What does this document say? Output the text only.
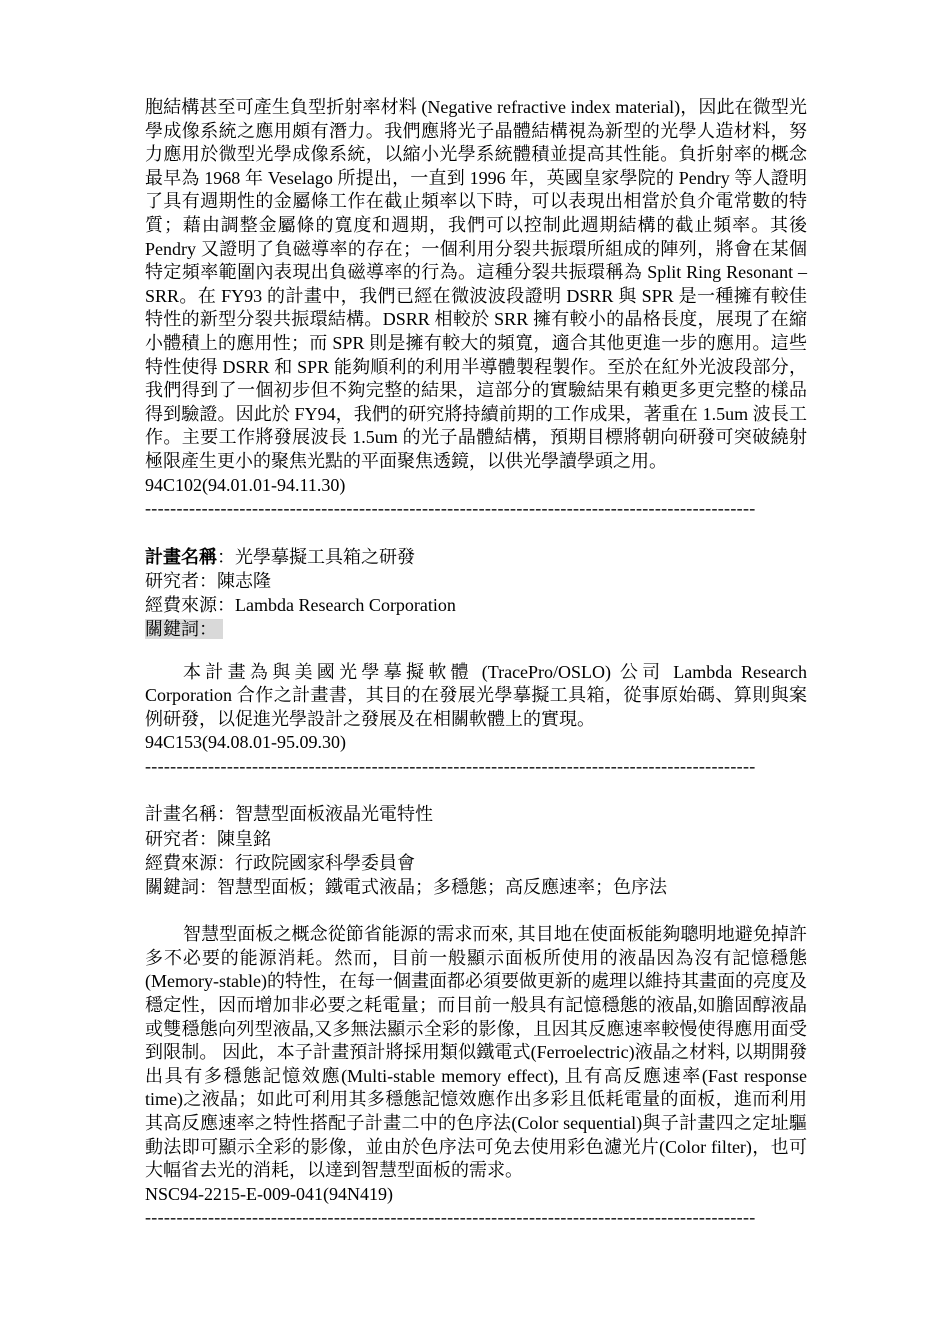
胞結構甚至可產生負型折射率材料 (Negative refractive index material)，因此在微型光學成像系統之應用頗有潛力。我們應將光子晶體結構視為新型的光學人造材料，努力應用於微型光學成像系統，以縮小光學系統體積並提高其性能。負折射率的概念最早為 1968 年 Veselago 所提出，一直到 1996 年，英國皇家學院的 Pendry 等人證明了具有週期性的金屬條工作在截止頻率以下時，可以表現出相當於負介電常數的特質；藉由調整金屬條的寬度和週期，我們可以控制此週期結構的截止頻率。其後 Pendry 又證明了負磁導率的存在；一個利用分裂共振環所組成的陣列，將會在某個特定頻率範圍內表現出負磁導率的行為。這種分裂共振環稱為 Split Ring Resonant – SRR。在 FY93 的計畫中，我們已經在微波波段證明 DSRR 與 SPR 是一種擁有較佳特性的新型分裂共振環結構。DSRR 相較於 SRR 擁有較小的晶格長度，展現了在縮小體積上的應用性；而 SPR 則是擁有較大的頻寬，適合其他更進一步的應用。這些特性使得 DSRR 和 SPR 能夠順利的利用半導體製程製作。至於在紅外光波段部分，我們得到了一個初步但不夠完整的結果，這部分的實驗結果有賴更多更完整的樣品得到驗證。因此於 FY94，我們的研究將持續前期的工作成果，著重在 1.5um 波長工作。主要工作將發展波長 1.5um 的光子晶體結構，預期目標將朝向研發可突破繞射極限產生更小的聚焦光點的平面聚焦透鏡，以供光學讀學頭之用。

94C102(94.01.01-94.11.30)

-------------------------------------------------------------------------------------------------

計畫名稱：光學摹擬工具箱之研發

研究者：陳志隆

經費來源：Lambda Research Corporation

關鍵詞：

本計畫為與美國光學摹擬軟體 (TracePro/OSLO) 公司 Lambda Research Corporation 合作之計畫書，其目的在發展光學摹擬工具箱，從事原始碼、算則與案例研發，以促進光學設計之發展及在相關軟體上的實現。

94C153(94.08.01-95.09.30)

-------------------------------------------------------------------------------------------------

計畫名稱：智慧型面板液晶光電特性

研究者：陳皇銘

經費來源：行政院國家科學委員會

關鍵詞：智慧型面板；鐵電式液晶；多穩態；高反應速率；色序法

智慧型面板之概念從節省能源的需求而來, 其目地在使面板能夠聰明地避免掉許多不必要的能源消耗。然而，目前一般顯示面板所使用的液晶因為沒有記憶穩態(Memory-stable)的特性，在每一個畫面都必須要做更新的處理以維持其畫面的亮度及穩定性，因而增加非必要之耗電量；而目前一般具有記憶穩態的液晶,如膽固醇液晶或雙穩態向列型液晶,又多無法顯示全彩的影像，且因其反應速率較慢使得應用面受到限制。 因此，本子計畫預計將採用類似鐵電式(Ferroelectric)液晶之材料, 以期開發出具有多穩態記憶效應(Multi-stable memory effect), 且有高反應速率(Fast response time)之液晶；如此可利用其多穩態記憶效應作出多彩且低耗電量的面板，進而利用其高反應速率之特性搭配子計畫二中的色序法(Color sequential)與子計畫四之定址驅動法即可顯示全彩的影像，並由於色序法可免去使用彩色濾光片(Color filter)，也可大幅省去光的消耗，以達到智慧型面板的需求。

NSC94-2215-E-009-041(94N419)

-------------------------------------------------------------------------------------------------
